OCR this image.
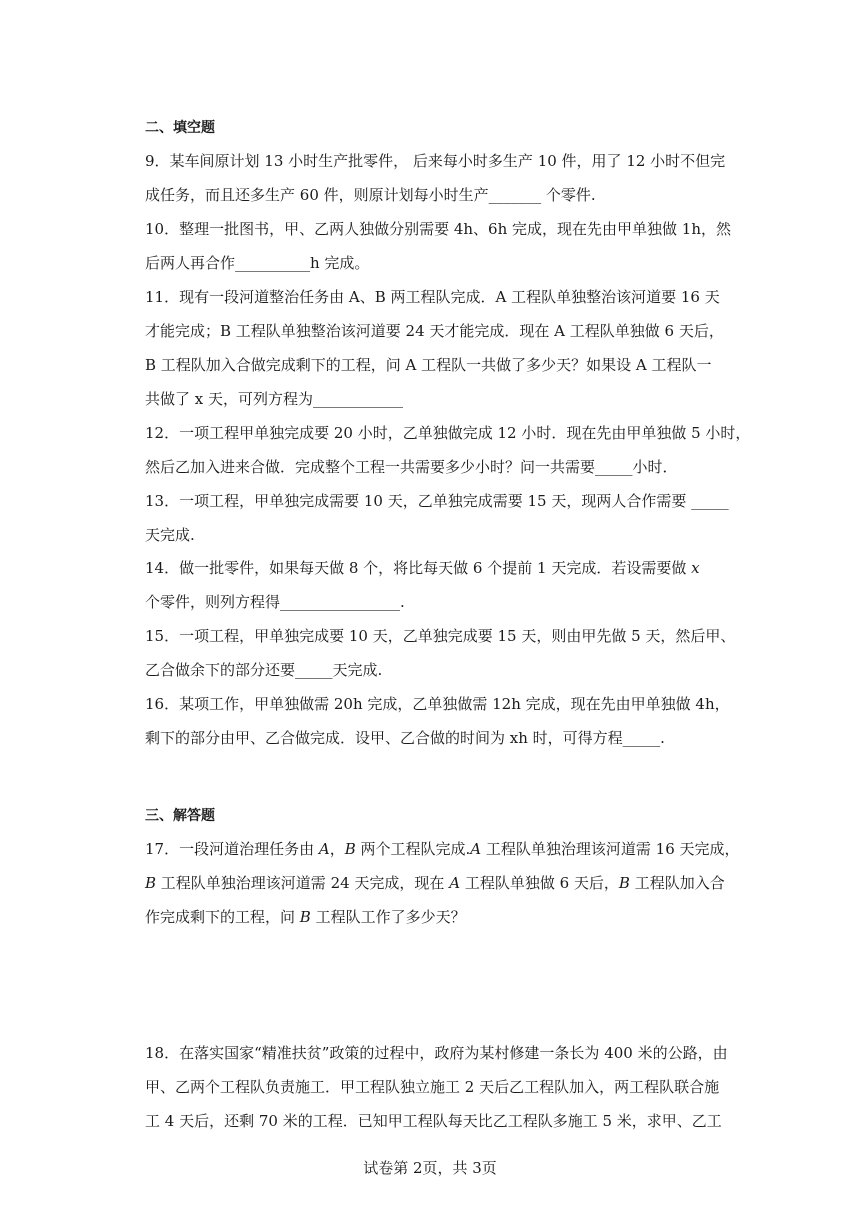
二、填空题
9．某车间原计划 13 小时生产批零件， 后来每小时多生产 10 件，用了 12 小时不但完
成任务，而且还多生产 60 件，则原计划每小时生产_______ 个零件.
10．整理一批图书，甲、乙两人独做分别需要 4h、6h 完成，现在先由甲单独做 1h，然
后两人再合作__________h 完成。
11．现有一段河道整治任务由 A、B 两工程队完成．A 工程队单独整治该河道要 16 天
才能完成；B 工程队单独整治该河道要 24 天才能完成．现在 A 工程队单独做 6 天后，
B 工程队加入合做完成剩下的工程，问 A 工程队一共做了多少天？如果设 A 工程队一
共做了 x 天，可列方程为____________
12．一项工程甲单独完成要 20 小时，乙单独做完成 12 小时．现在先由甲单独做 5 小时，
然后乙加入进来合做．完成整个工程一共需要多少小时？问一共需要_____小时．
13．一项工程，甲单独完成需要 10 天，乙单独完成需要 15 天，现两人合作需要 _____
天完成.
14．做一批零件，如果每天做 8 个，将比每天做 6 个提前 1 天完成．若设需要做 x
个零件，则列方程得________________.
15．一项工程，甲单独完成要 10 天，乙单独完成要 15 天，则由甲先做 5 天，然后甲、
乙合做余下的部分还要_____天完成.
16．某项工作，甲单独做需 20h 完成，乙单独做需 12h 完成，现在先由甲单独做 4h，
剩下的部分由甲、乙合做完成．设甲、乙合做的时间为 xh 时，可得方程_____.
三、解答题
17．一段河道治理任务由 A，B 两个工程队完成.A 工程队单独治理该河道需 16 天完成，
B 工程队单独治理该河道需 24 天完成，现在 A 工程队单独做 6 天后，B 工程队加入合
作完成剩下的工程，问 B 工程队工作了多少天？
18．在落实国家“精准扶贫”政策的过程中，政府为某村修建一条长为 400 米的公路，由
甲、乙两个工程队负责施工．甲工程队独立施工 2 天后乙工程队加入，两工程队联合施
工 4 天后，还剩 70 米的工程．已知甲工程队每天比乙工程队多施工 5 米，求甲、乙工
试卷第 2页，共 3页
